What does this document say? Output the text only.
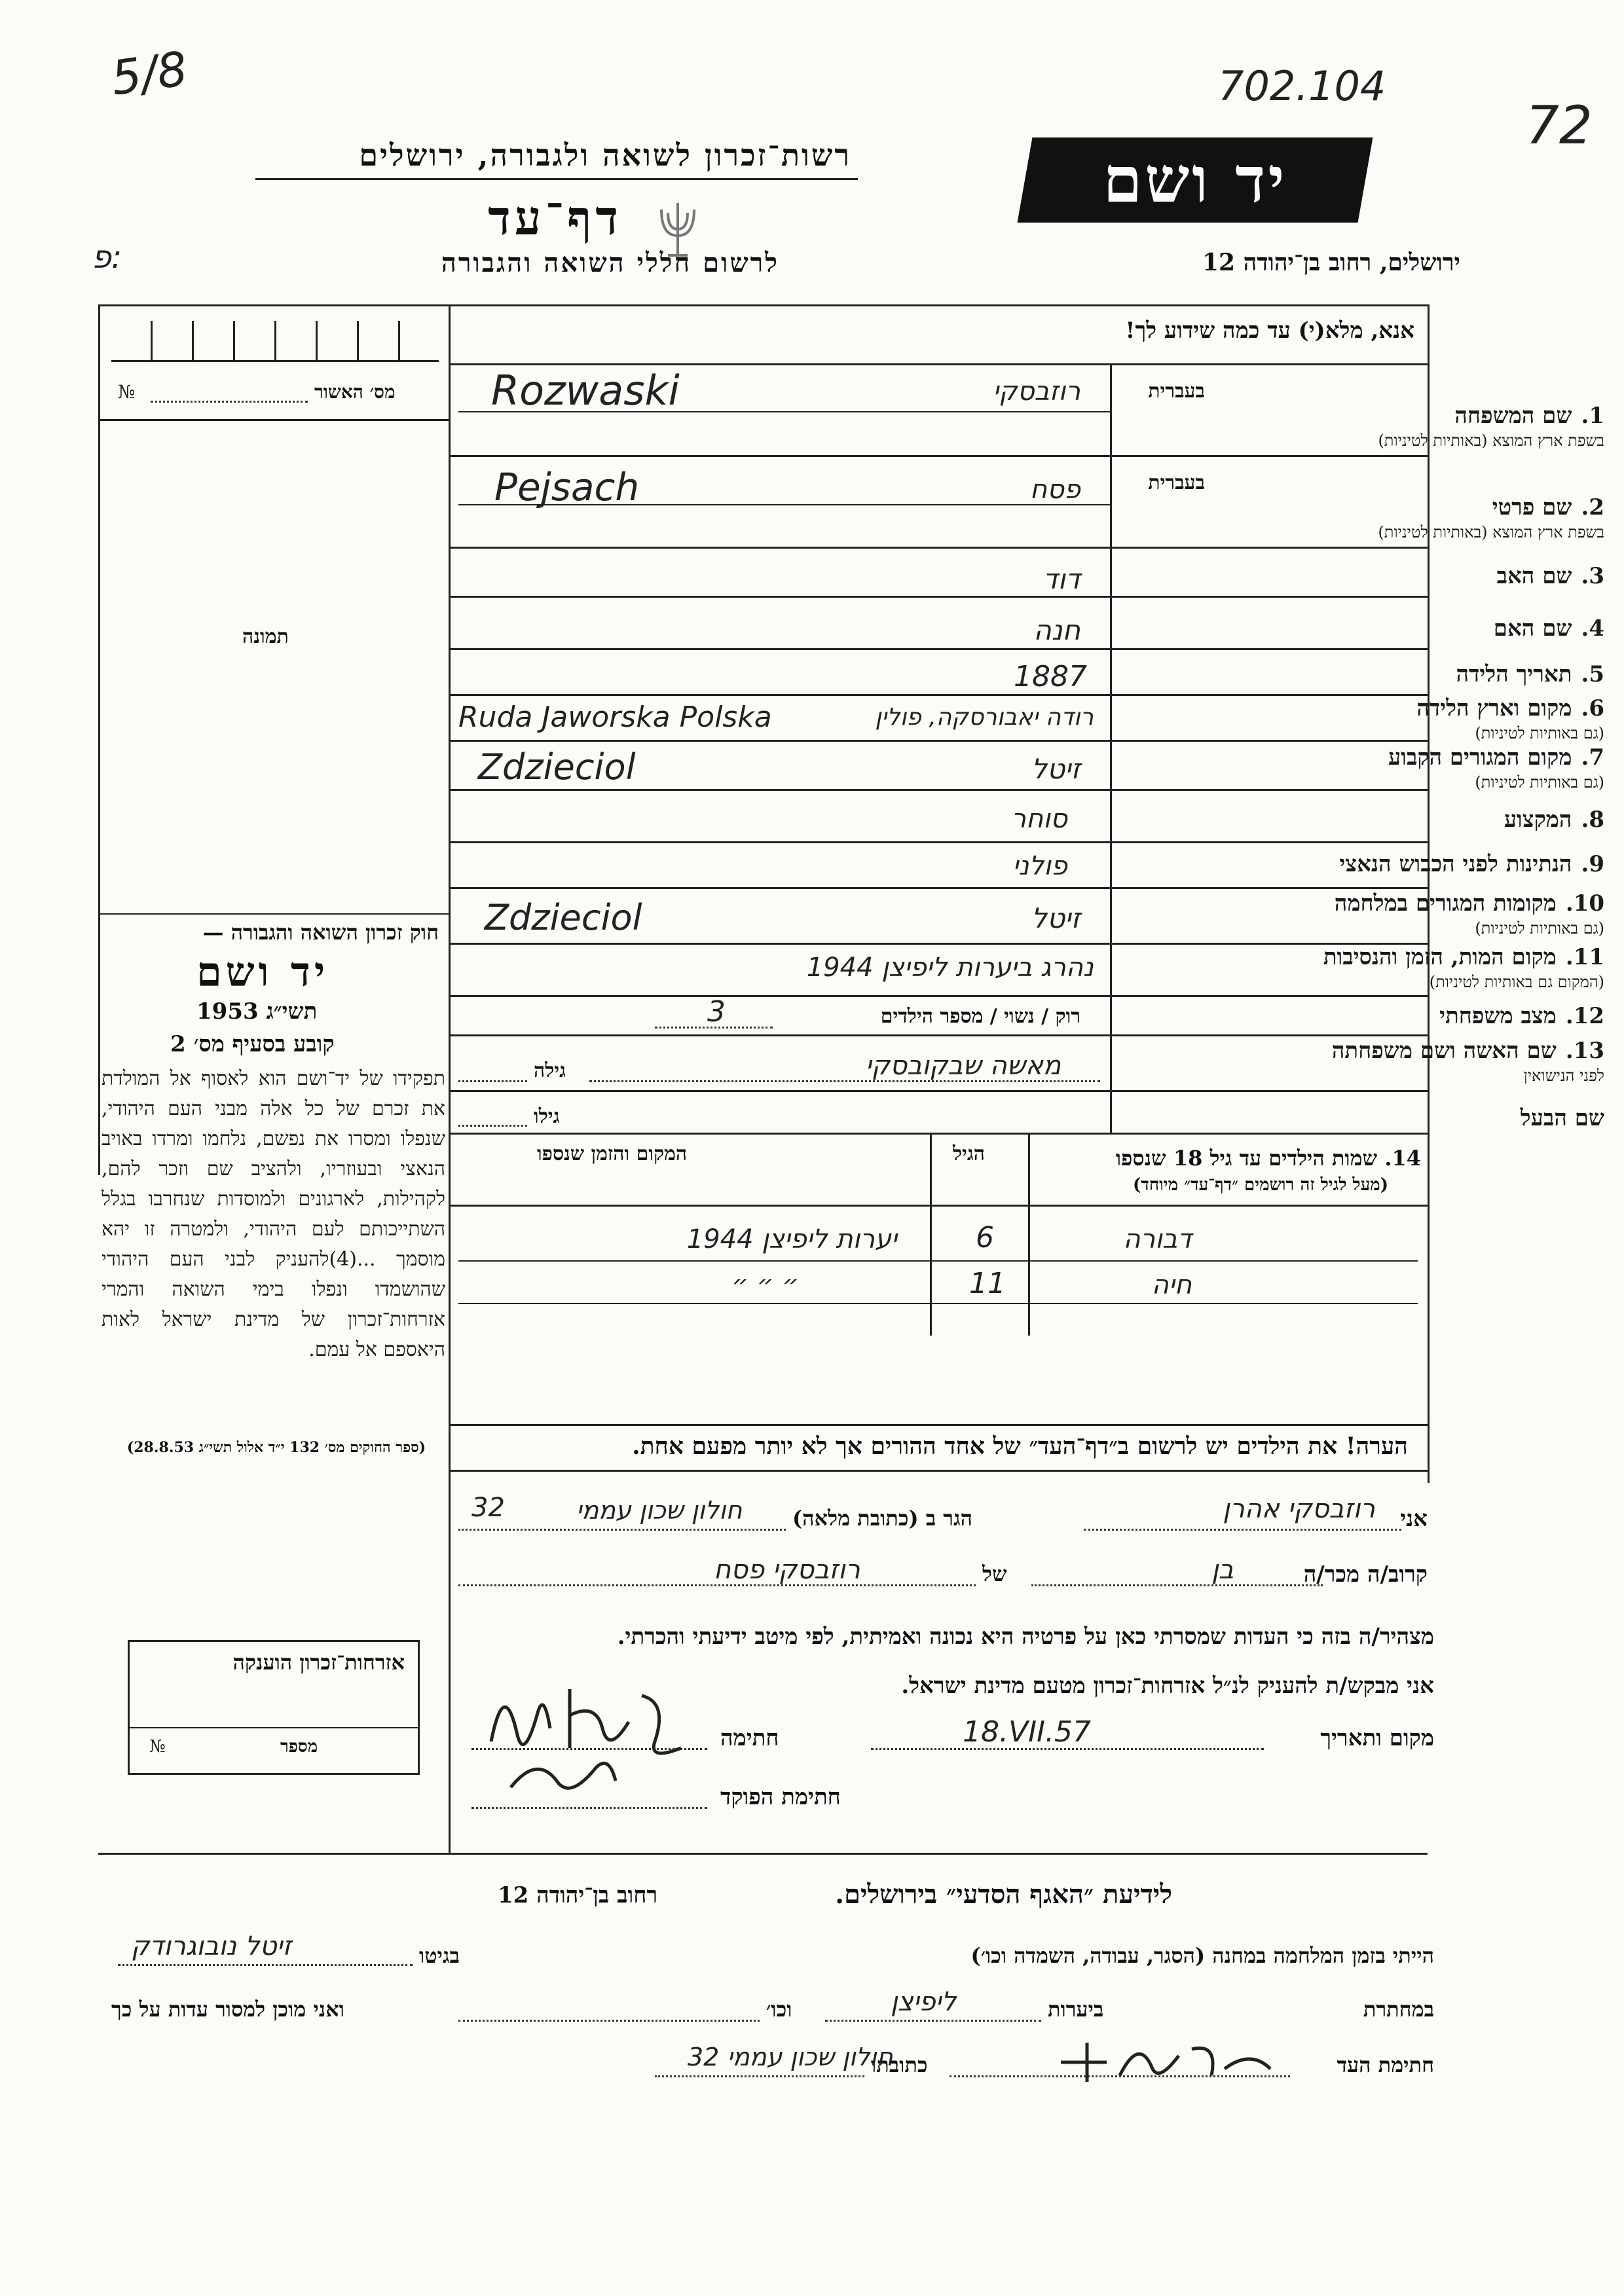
5/8	702.104
72
פ:
רשות־זכרון לשואה ולגבורה, ירושלים
דף־עד
לרשום חללי השואה והגבורה
יד ושם
ירושלים, רחוב בן־יהודה 12
אנא, מלא(י) עד כמה שידוע לך!
מס׳ האשור
№
תמונה
בעברית
בעברית
1.שם המשפחה
בשפת ארץ המוצא (באותיות לטיניות)
2.שם פרטי
בשפת ארץ המוצא (באותיות לטיניות)
3.שם האב
4.שם האם
5.תאריך הלידה
6.מקום וארץ הלידה
(גם באותיות לטיניות)
7.מקום המגורים הקבוע
(גם באותיות לטיניות)
8.המקצוע
9.הנתינות לפני הכבוש הנאצי
10.מקומות המגורים במלחמה
(גם באותיות לטיניות)
11.מקום המות, הזמן והנסיבות
(המקום גם באותיות לטיניות)
12.מצב משפחתי
13.שם האשה ושם משפחתה
לפני הנישואין
שם הבעל
רוזבסקי
Rozwaski
פסח
Pejsach
דוד
חנה
1887
רודה יאבורסקה, פולין
Ruda Jaworska Polska
זיטל
Zdzieciol
סוחר
פולני
זיטל
Zdzieciol
נהרג ביערות ליפיצן 1944
רוק / נשוי / מספר הילדים
3
מאשה שבקובסקי
גילה
גילו
14. שמות הילדים עד גיל 18 שנספו
(מעל לגיל זה רושמים ״דף־עד״ מיוחד)
הגיל
המקום והזמן שנספו
דבורה
6
יערות ליפיצן 1944
חיה
11
״ ״ ״
הערה! את הילדים יש לרשום ב״דף־העד״ של אחד ההורים אך לא יותר מפעם אחת.
אני
רוזבסקי אהרן
הגר ב (כתובת מלאה)
חולון שכון עממי
32
קרוב/ה מכר/ה
בן
של
רוזבסקי פסח
מצהיר/ה בזה כי העדות שמסרתי כאן על פרטיה היא נכונה ואמיתית, לפי מיטב ידיעתי והכרתי.
אני מבקש/ת להעניק לנ״ל אזרחות־זכרון מטעם מדינת ישראל.
מקום ותאריך
18.VII.57
חתימה
חתימת הפוקד
חוק זכרון השואה והגבורה —
יד ושם
תשי״ג 1953
קובע בסעיף מס׳ 2
תפקידו של יד־ושם הוא לאסוף אל המולדת את זכרם של כל אלה מבני העם היהודי, שנפלו ומסרו את נפשם, נלחמו ומרדו באויב הנאצי ובעוזריו, ולהציב שם וזכר להם, לקהילות, לארגונים ולמוסדות שנחרבו בגלל השתייכותם לעם היהודי, ולמטרה זו יהא מוסמך ...(4)להעניק לבני העם היהודי שהושמדו ונפלו בימי השואה והמרי אזרחות־זכרון של מדינת ישראל לאות היאספם אל עמם.
(ספר החוקים מס׳ 132 י״ד אלול תשי״ג 28.8.53)
אזרחות־זכרון הוענקה
№	מספר
לידיעת ״האגף הסדעי״ בירושלים.
רחוב בן־יהודה 12
הייתי בזמן המלחמה במחנה (הסגר, עבודה, השמדה וכו׳)
בגיטו
זיטל נובוגרודק
במחתרת
ביערות
ליפיצן
וכו׳
ואני מוכן למסור עדות על כך
חתימת העד
כתובתו
חולון שכון עממי 32
